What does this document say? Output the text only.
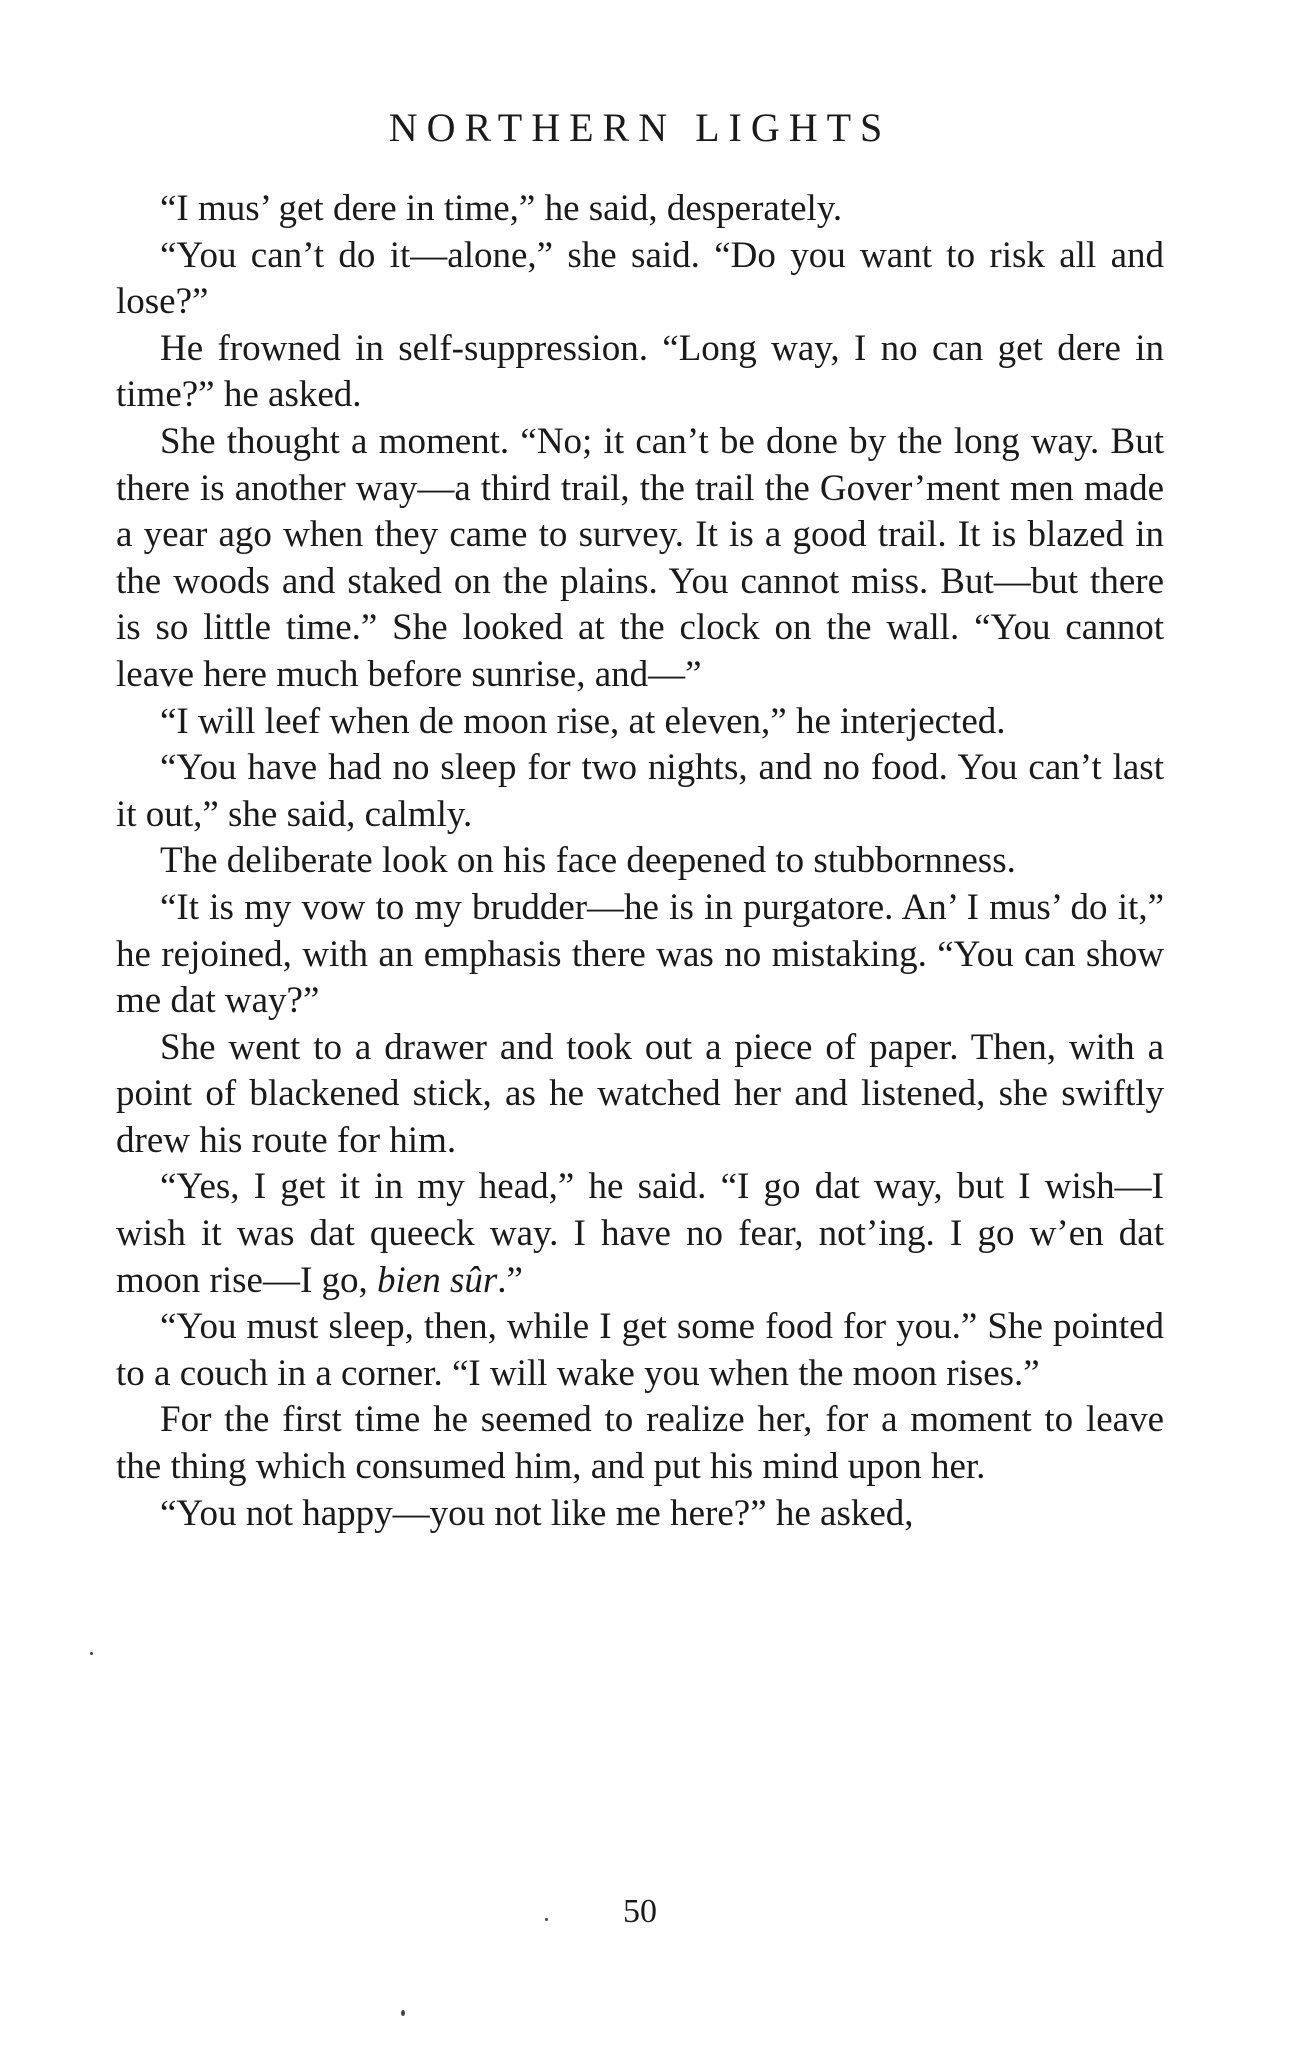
NORTHERN LIGHTS

“I mus’ get dere in time,” he said, desperately.

“You can’t do it—alone,” she said. “Do you want to risk all and lose?”

He frowned in self-suppression. “Long way, I no can get dere in time?” he asked.

She thought a moment. “No; it can’t be done by the long way. But there is another way—a third trail, the trail the Gover’ment men made a year ago when they came to survey. It is a good trail. It is blazed in the woods and staked on the plains. You cannot miss. But—but there is so little time.” She looked at the clock on the wall. “You cannot leave here much before sunrise, and—”

“I will leef when de moon rise, at eleven,” he interjected.

“You have had no sleep for two nights, and no food. You can’t last it out,” she said, calmly.

The deliberate look on his face deepened to stubbornness.

“It is my vow to my brudder—he is in purgatore. An’ I mus’ do it,” he rejoined, with an emphasis there was no mistaking. “You can show me dat way?”

She went to a drawer and took out a piece of paper. Then, with a point of blackened stick, as he watched her and listened, she swiftly drew his route for him.

“Yes, I get it in my head,” he said. “I go dat way, but I wish—I wish it was dat queeck way. I have no fear, not’ing. I go w’en dat moon rise—I go, bien sûr.”

“You must sleep, then, while I get some food for you.” She pointed to a couch in a corner. “I will wake you when the moon rises.”

For the first time he seemed to realize her, for a moment to leave the thing which consumed him, and put his mind upon her.

“You not happy—you not like me here?” he asked,

50
